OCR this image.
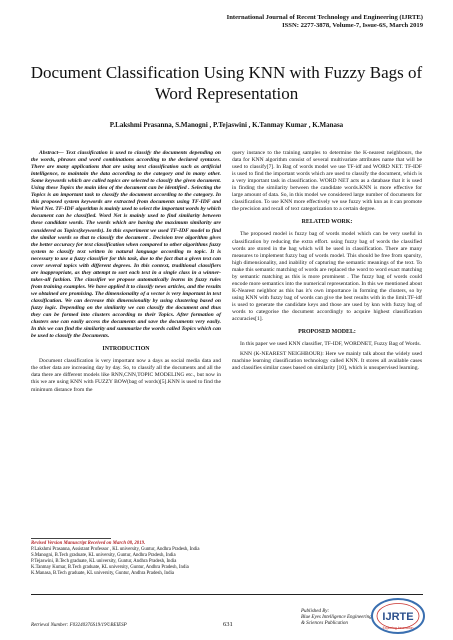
International Journal of Recent Technology and Engineering (IJRTE)
ISSN: 2277-3878, Volume-7, Issue-6S, March 2019
Document Classification Using KNN with Fuzzy Bags of Word Representation
P.Lakshmi Prasanna, S.Manogni , P.Tejaswini , K.Tanmay Kumar , K.Manasa

Abstract— Text classification is used to classify the documents depending on the words, phrases and word combinations according to the declared syntaxes. There are many applications that are using text classification such as artificial intelligence, to maintain the data according to the category and in many other. Some keywords which are called topics are selected to classify the given document. Using these Topics the main idea of the document can be identified . Selecting the Topics is an important task to classify the document according to the category. In this proposed system keywords are extracted from documents using TF-IDF and Word Net. TF-IDF algorithm is mainly used to select the important words by which document can be classified. Word Net is mainly used to find similarity between these candidate words. The words which are having the maximum similarity are considered as Topics(keywords). In this experiment we used TF-IDF model to find the similar words so that to classify the document . Decision tree algorithm gives the better accuracy for text classification when compared to other algorithms fuzzy system to classify text written in natural language according to topic. It is necessary to use a fuzzy classifier for this task, due to the fact that a given text can cover several topics with different degrees. In this context, traditional classifiers are inappropriate, as they attempt to sort each text in a single class in a winner-takes-all fashion. The classifier we propose automatically learns its fuzzy rules from training examples. We have applied it to classify news articles, and the results we obtained are promising. The dimensionality of a vector is very important in text classification. We can decrease this dimensionality by using clustering based on fuzzy logic. Depending on the similarity we can classify the document and thus they can be formed into clusters according to their Topics. After formation of clusters one can easily access the documents and save the documents very easily. In this we can find the similarity and summarize the words called Topics which can be used to classify the Documents.

INTRODUCTION

Document classification is very important now a days as social media data and the other data are increasing day by day. So, to classify all the documents and all the data there are different models like RNN,CNN,TOPIC MODELING etc., but now in this we are using KNN with FUZZY BOW(bag of words)[5].KNN is used to find the minimum distance from the

Revised Version Manuscript Received on March 08, 2019.

P.Lakshmi Prasanna, Assistant Professor , KL university, Guntur, Andhra Pradesh, India

S.Manogni, B.Tech graduate, KL university, Guntur, Andhra Pradesh, India

P.Tejaswini, B.Tech graduate, KL university, Guntur, Andhra Pradesh, India

K.Tanmay Kumar, B.Tech graduate, KL university, Guntur, Andhra Pradesh, India

K.Manasa, B.Tech graduate, KL university, Guntur, Andhra Pradesh, India

query instance to the training samples to determine the K-nearest neighbours, the data for KNN algorithm consist of several multivariate attributes name that will be used to classify[7]. In Bag of words model we use TF-idf and WORD NET. TF-IDF is used to find the important words which are used to classify the document, which is a very important task in classification. WORD NET acts as a database that it is used in finding the similarity between the candidate words.KNN is more effective for large amount of data. So, in this model we considered large number of documents for classification. To use KNN more effectively we use fuzzy with knn as it can promote the precision and recall of text categorization to a certain degree.

RELATED WORK:

The proposed model is fuzzy bag of words model which can be very useful in classification by reducing the extra effort. using fuzzy bag of words the classified words are stored in the bag which will be used in classification. There are many measures to implement fuzzy bag of words model. This should be free from sparsity, high dimensionality, and inability of capturing the semantic meanings of the text. To make this semantic matching of words are replaced the word to word exact matching by semantic matching as this is more prominent . The fuzzy bag of words could encode more semantics into the numerical representation. In this we mentioned about K-Nearest neighbor as this has it's own importance in forming the clusters, so by using KNN with fuzzy bag of words can give the best results with in the limit.TF-idf is used to generate the candidate keys and those are used by knn with fuzzy bag of words to categorise the document accordingly to acquire highest classification accuracies[1].

PROPOSED MODEL:

In this paper we used KNN classifier, TF-IDF, WORDNET, Fuzzy Bag of Words.

KNN (K-NEAREST NEIGHBOUR): Here we mainly talk about the widely used machine learning classification technology called KNN. It stores all available cases and classifies similar cases based on similarity [10], which is unsupervised learning.

Retrieval Number: F03240376S19/19©BEIESP	631
Published By:
Blue Eyes Intelligence Engineering
& Sciences Publication
IJRTE
Exploring Innovation
